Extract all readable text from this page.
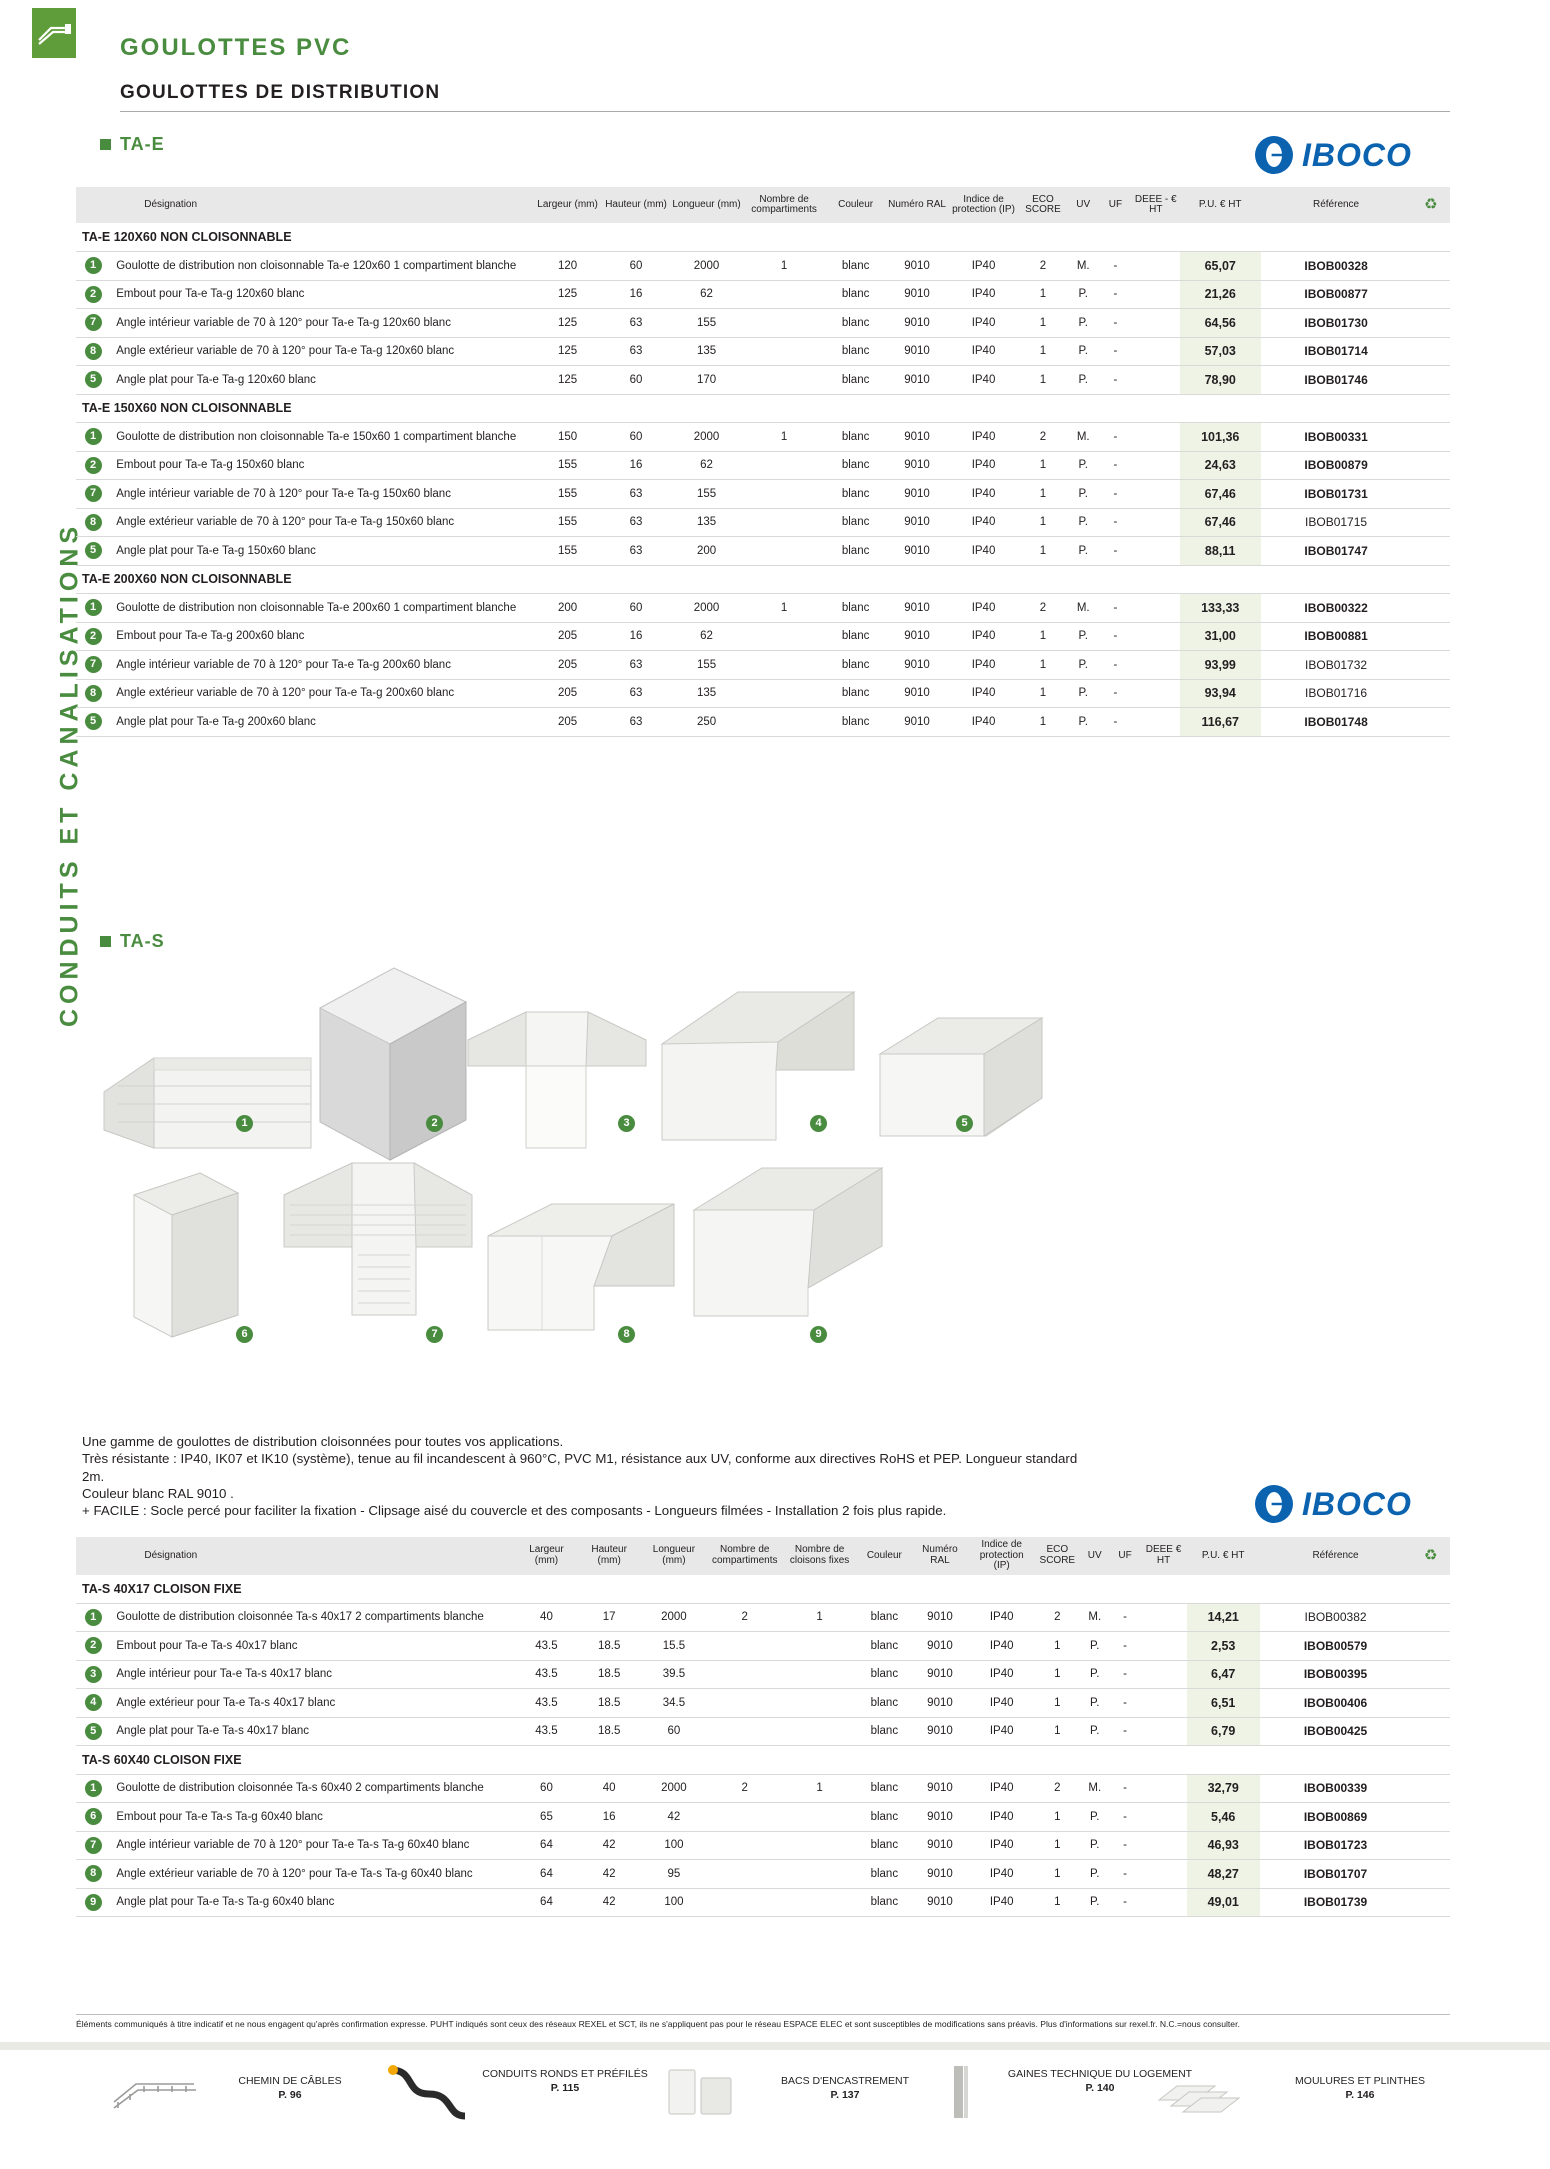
CONDUITS ET CANALISATIONS
GOULOTTES PVC
GOULOTTES DE DISTRIBUTION
TA-E	IBOCO
	Désignation	Largeur (mm)	Hauteur (mm)	Longueur (mm)	Nombre de compartiments	Couleur	Numéro RAL	Indice de protection (IP)	ECO SCORE	UV	UF	DEEE - € HT	P.U. € HT	Référence	♻
TA-E 120X60 NON CLOISONNABLE															
1	Goulotte de distribution non cloisonnable Ta-e 120x60 1 compartiment blanche	120	60	2000	1	blanc	9010	IP40	2	M.	-		65,07	IBOB00328	
2	Embout pour Ta-e Ta-g 120x60 blanc	125	16	62		blanc	9010	IP40	1	P.	-		21,26	IBOB00877	
7	Angle intérieur variable de 70 à 120° pour Ta-e Ta-g 120x60 blanc	125	63	155		blanc	9010	IP40	1	P.	-		64,56	IBOB01730	
8	Angle extérieur variable de 70 à 120° pour Ta-e Ta-g 120x60 blanc	125	63	135		blanc	9010	IP40	1	P.	-		57,03	IBOB01714	
5	Angle plat pour Ta-e Ta-g 120x60 blanc	125	60	170		blanc	9010	IP40	1	P.	-		78,90	IBOB01746	
TA-E 150X60 NON CLOISONNABLE															
1	Goulotte de distribution non cloisonnable Ta-e 150x60 1 compartiment blanche	150	60	2000	1	blanc	9010	IP40	2	M.	-		101,36	IBOB00331	
2	Embout pour Ta-e Ta-g 150x60 blanc	155	16	62		blanc	9010	IP40	1	P.	-		24,63	IBOB00879	
7	Angle intérieur variable de 70 à 120° pour Ta-e Ta-g 150x60 blanc	155	63	155		blanc	9010	IP40	1	P.	-		67,46	IBOB01731	
8	Angle extérieur variable de 70 à 120° pour Ta-e Ta-g 150x60 blanc	155	63	135		blanc	9010	IP40	1	P.	-		67,46	IBOB01715	
5	Angle plat pour Ta-e Ta-g 150x60 blanc	155	63	200		blanc	9010	IP40	1	P.	-		88,11	IBOB01747	
TA-E 200X60 NON CLOISONNABLE															
1	Goulotte de distribution non cloisonnable Ta-e 200x60 1 compartiment blanche	200	60	2000	1	blanc	9010	IP40	2	M.	-		133,33	IBOB00322	
2	Embout pour Ta-e Ta-g 200x60 blanc	205	16	62		blanc	9010	IP40	1	P.	-		31,00	IBOB00881	
7	Angle intérieur variable de 70 à 120° pour Ta-e Ta-g 200x60 blanc	205	63	155		blanc	9010	IP40	1	P.	-		93,99	IBOB01732	
8	Angle extérieur variable de 70 à 120° pour Ta-e Ta-g 200x60 blanc	205	63	135		blanc	9010	IP40	1	P.	-		93,94	IBOB01716	
5	Angle plat pour Ta-e Ta-g 200x60 blanc	205	63	250		blanc	9010	IP40	1	P.	-		116,67	IBOB01748	
TA-S
1	2	3	4	5
6	7	8	9
Une gamme de goulottes de distribution cloisonnées pour toutes vos applications.
Très résistante : IP40, IK07 et IK10 (système), tenue au fil incandescent à 960°C, PVC M1, résistance aux UV, conforme aux directives RoHS et PEP. Longueur standard 2m.
Couleur blanc RAL 9010 .
+ FACILE : Socle percé pour faciliter la fixation - Clipsage aisé du couvercle et des composants - Longueurs filmées - Installation 2 fois plus rapide.	IBOCO
	Désignation	Largeur (mm)	Hauteur (mm)	Longueur (mm)	Nombre de compartiments	Nombre de cloisons fixes	Couleur	Numéro RAL	Indice de protection (IP)	ECO SCORE	UV	UF	DEEE € HT	P.U. € HT	Référence	♻
TA-S 40X17 CLOISON FIXE																
1	Goulotte de distribution cloisonnée Ta-s 40x17 2 compartiments blanche	40	17	2000	2	1	blanc	9010	IP40	2	M.	-		14,21	IBOB00382	
2	Embout pour Ta-e Ta-s 40x17 blanc	43.5	18.5	15.5			blanc	9010	IP40	1	P.	-		2,53	IBOB00579	
3	Angle intérieur pour Ta-e Ta-s 40x17 blanc	43.5	18.5	39.5			blanc	9010	IP40	1	P.	-		6,47	IBOB00395	
4	Angle extérieur pour Ta-e Ta-s 40x17 blanc	43.5	18.5	34.5			blanc	9010	IP40	1	P.	-		6,51	IBOB00406	
5	Angle plat pour Ta-e Ta-s 40x17 blanc	43.5	18.5	60			blanc	9010	IP40	1	P.	-		6,79	IBOB00425	
TA-S 60X40 CLOISON FIXE																
1	Goulotte de distribution cloisonnée Ta-s 60x40 2 compartiments blanche	60	40	2000	2	1	blanc	9010	IP40	2	M.	-		32,79	IBOB00339	
6	Embout pour Ta-e Ta-s Ta-g 60x40 blanc	65	16	42			blanc	9010	IP40	1	P.	-		5,46	IBOB00869	
7	Angle intérieur variable de 70 à 120° pour Ta-e Ta-s Ta-g 60x40 blanc	64	42	100			blanc	9010	IP40	1	P.	-		46,93	IBOB01723	
8	Angle extérieur variable de 70 à 120° pour Ta-e Ta-s Ta-g 60x40 blanc	64	42	95			blanc	9010	IP40	1	P.	-		48,27	IBOB01707	
9	Angle plat pour Ta-e Ta-s Ta-g 60x40 blanc	64	42	100			blanc	9010	IP40	1	P.	-		49,01	IBOB01739	
Éléments communiqués à titre indicatif et ne nous engagent qu'après confirmation expresse. PUHT indiqués sont ceux des réseaux REXEL et SCT, ils ne s'appliquent pas pour le réseau ESPACE ELEC et sont susceptibles de modifications sans préavis. Plus d'informations sur rexel.fr. N.C.=nous consulter.
CHEMIN DE CÂBLES
P. 96
CONDUITS RONDS ET PRÉFILÉS
P. 115
BACS D'ENCASTREMENT
P. 137
GAINES TECHNIQUE DU LOGEMENT
P. 140
MOULURES ET PLINTHES
P. 146
